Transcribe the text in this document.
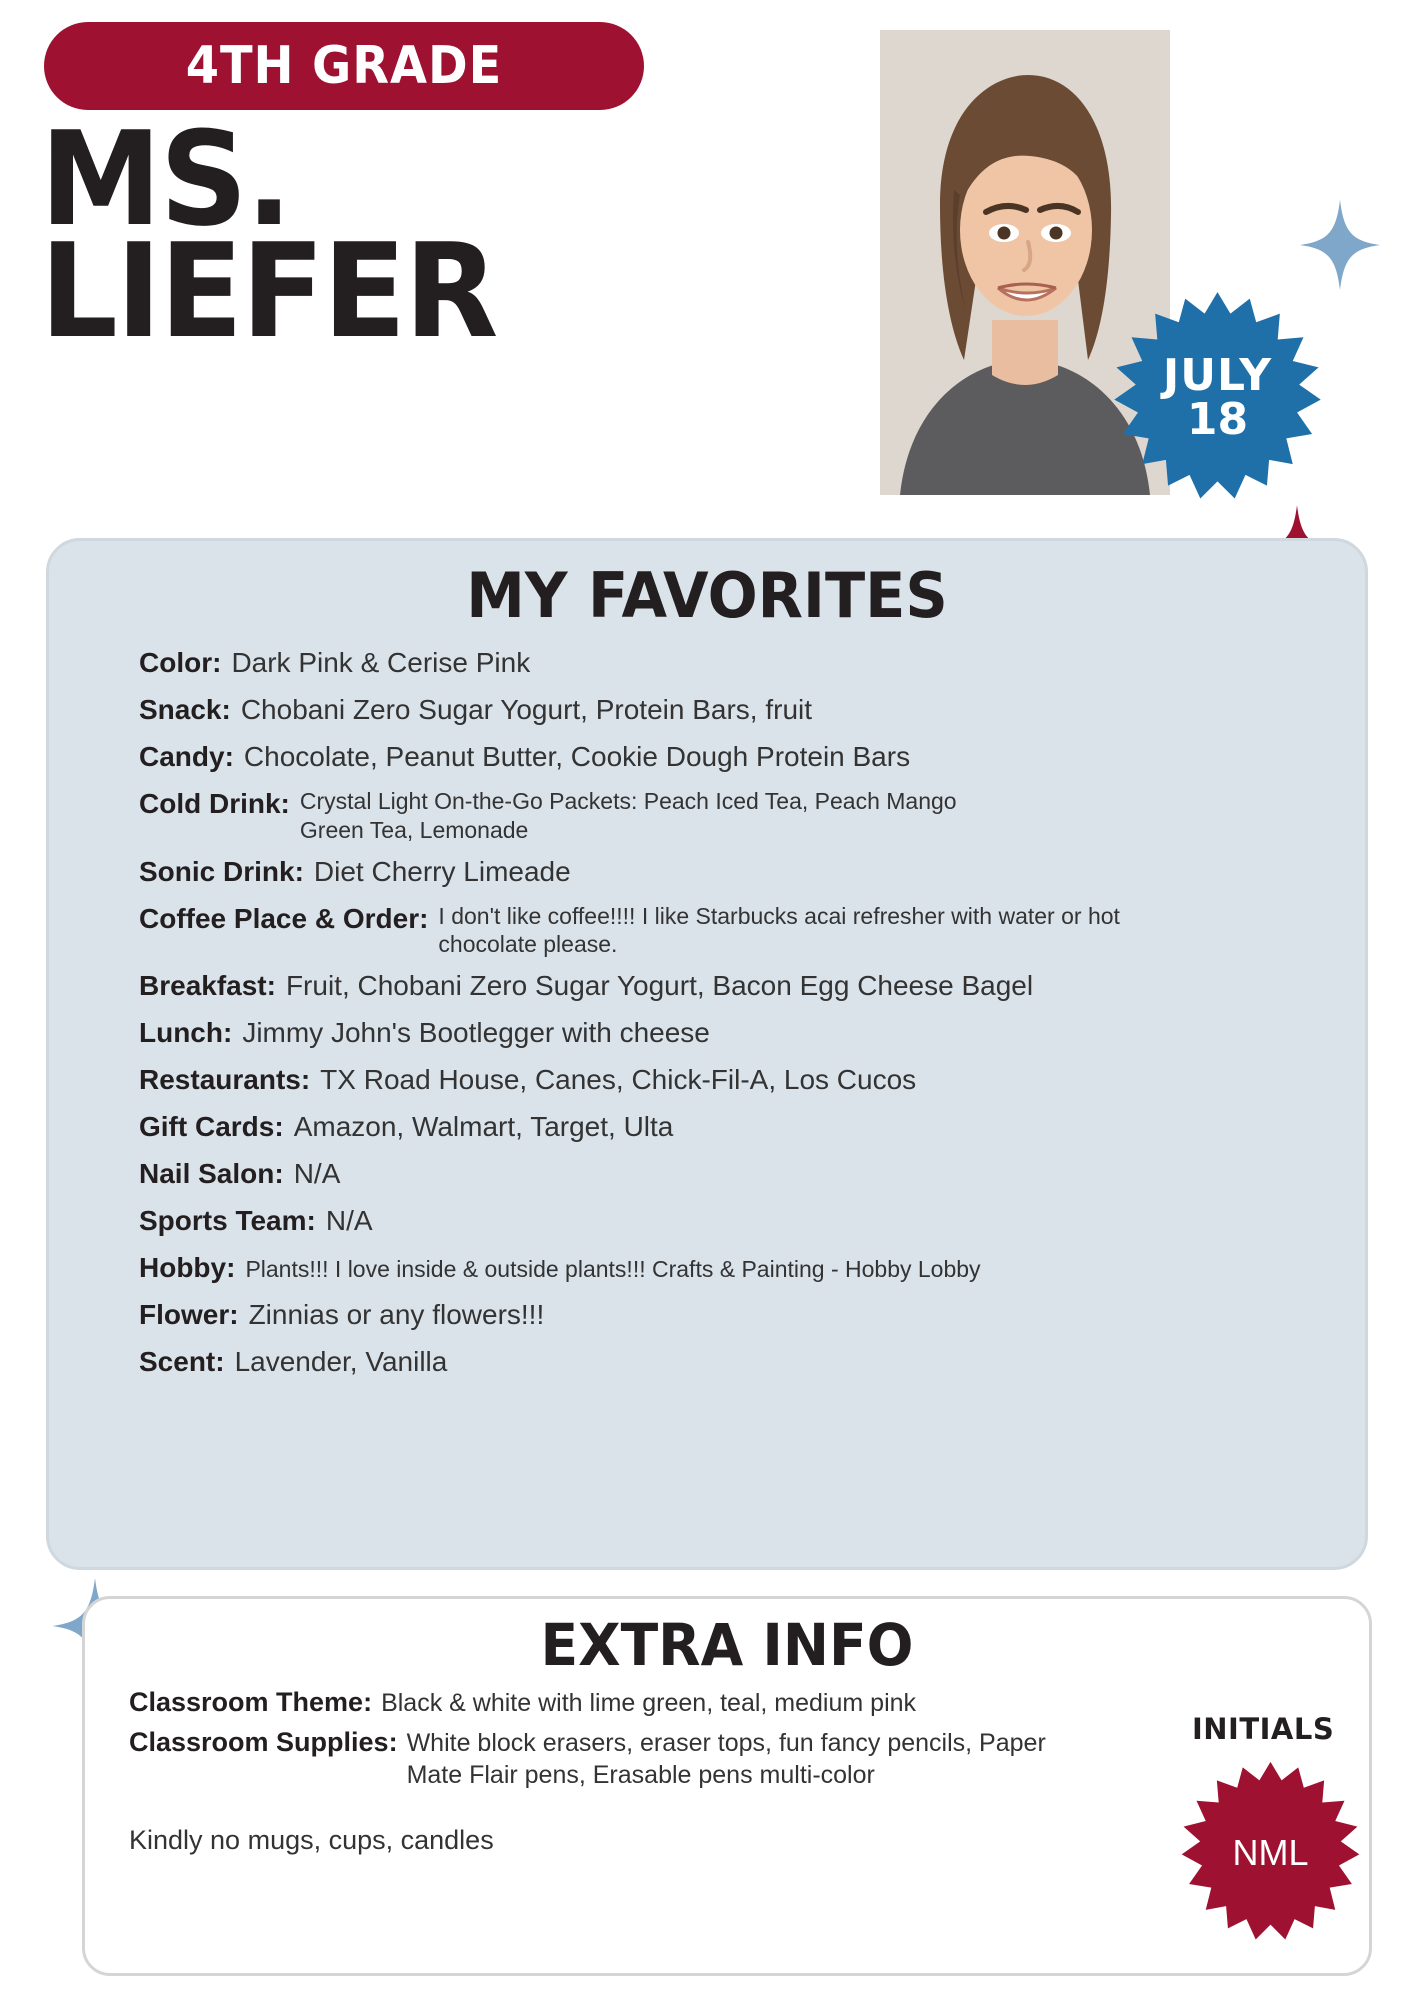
4TH GRADE
MS.
LIEFER
JULY
18
MY FAVORITES
Color: Dark Pink & Cerise Pink
Snack: Chobani Zero Sugar Yogurt, Protein Bars, fruit
Candy: Chocolate, Peanut Butter, Cookie Dough Protein Bars
Cold Drink: Crystal Light On-the-Go Packets: Peach Iced Tea, Peach Mango Green Tea, Lemonade
Sonic Drink: Diet Cherry Limeade
Coffee Place & Order: I don't like coffee!!!! I like Starbucks acai refresher with water or hot chocolate please.
Breakfast: Fruit, Chobani Zero Sugar Yogurt, Bacon Egg Cheese Bagel
Lunch: Jimmy John's Bootlegger with cheese
Restaurants: TX Road House, Canes, Chick-Fil-A, Los Cucos
Gift Cards: Amazon, Walmart, Target, Ulta
Nail Salon: N/A
Sports Team: N/A
Hobby: Plants!!! I love inside & outside plants!!! Crafts & Painting - Hobby Lobby
Flower: Zinnias or any flowers!!!
Scent: Lavender, Vanilla
EXTRA INFO
Classroom Theme: Black & white with lime green, teal, medium pink
Classroom Supplies: White block erasers, eraser tops, fun fancy pencils, Paper Mate Flair pens, Erasable pens multi-color
Kindly no mugs, cups, candles
INITIALS
NML
